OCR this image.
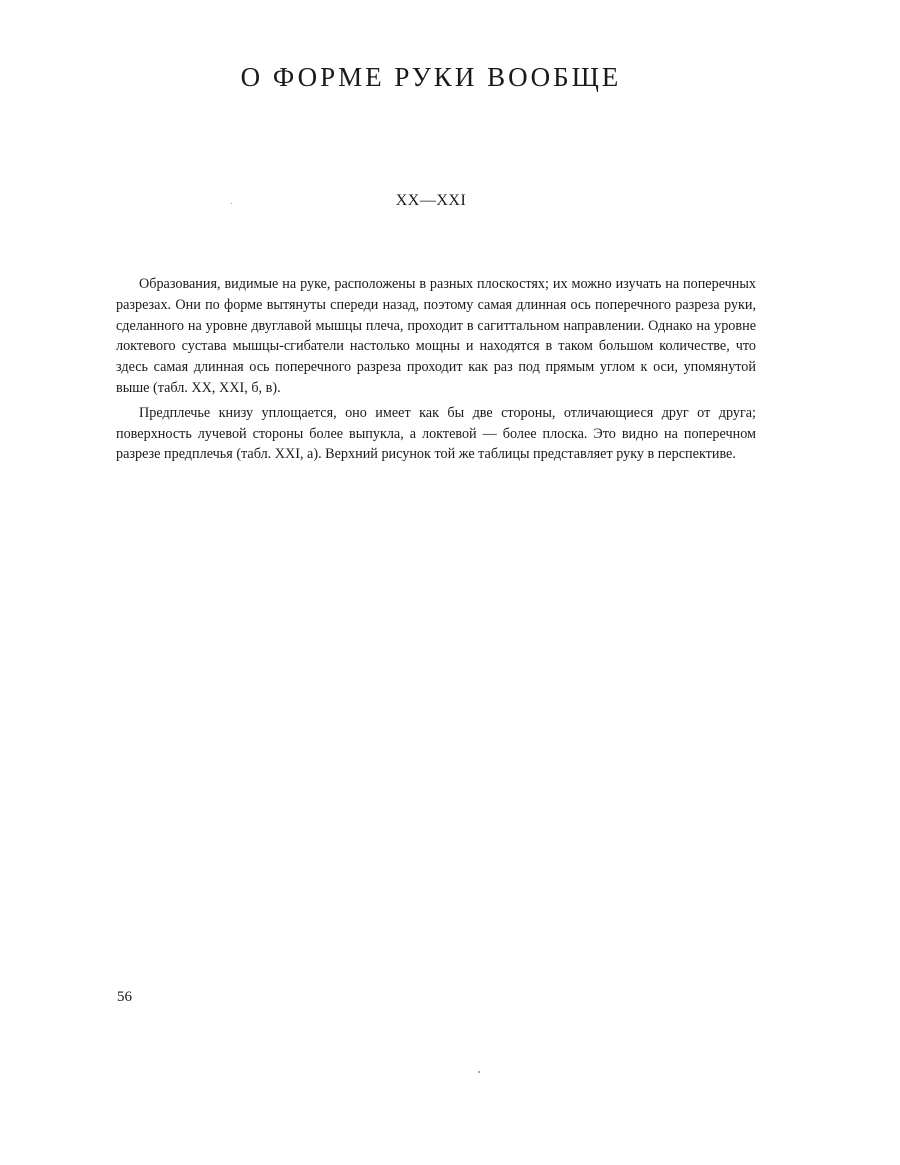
О ФОРМЕ РУКИ ВООБЩЕ
XX—XXI

Образования, видимые на руке, расположены в разных плоскостях; их можно изучать на поперечных разрезах. Они по форме вытянуты спереди назад, поэтому самая длинная ось поперечного разреза руки, сделанного на уровне двуглавой мышцы плеча, проходит в сагиттальном направлении. Однако на уровне локтевого сустава мышцы-сгибатели настолько мощны и находятся в таком большом количестве, что здесь самая длинная ось поперечного разреза проходит как раз под прямым углом к оси, упомянутой выше (табл. XX, XXI, б, в).

Предплечье книзу уплощается, оно имеет как бы две стороны, отличающиеся друг от друга; поверхность лучевой стороны более выпукла, а локтевой — более плоска. Это видно на поперечном разрезе предплечья (табл. XXI, а). Верхний рисунок той же таблицы представляет руку в перспективе.

56
